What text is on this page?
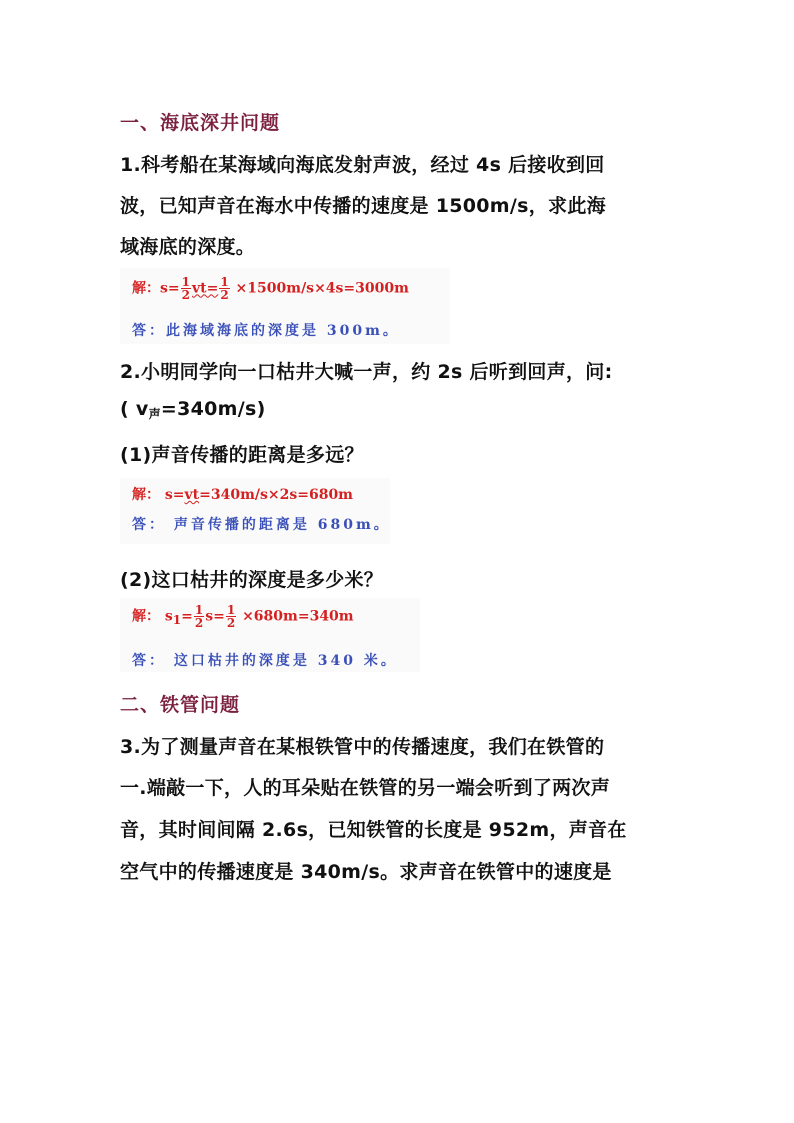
一、海底深井问题
1.科考船在某海域向海底发射声波，经过 4s 后接收到回
波，已知声音在海水中传播的速度是 1500m/s，求此海
域海底的深度。
解：$s= \frac{1}{2} vt= \frac{1}{2} \times 1500m/s\times 4s=3000m$
答：此海域海底的深度是 300m。
2.小明同学向一口枯井大喊一声，约 2s 后听到回声，问:
( v声=340m/s)
(1)声音传播的距离是多远？
解： s=vt=340m/s×2s=680m
答： 声音传播的距离是 680m。
(2)这口枯井的深度是多少米？
解： $s1= \frac{1}{2} s= \frac{1}{2} \times 680m=340m$
答： 这口枯井的深度是 340 米。
二、铁管问题
3.为了测量声音在某根铁管中的传播速度，我们在铁管的
一.端敲一下，人的耳朵贴在铁管的另一端会听到了两次声
音，其时间间隔 2.6s，已知铁管的长度是 952m，声音在
空气中的传播速度是 340m/s。求声音在铁管中的速度是
